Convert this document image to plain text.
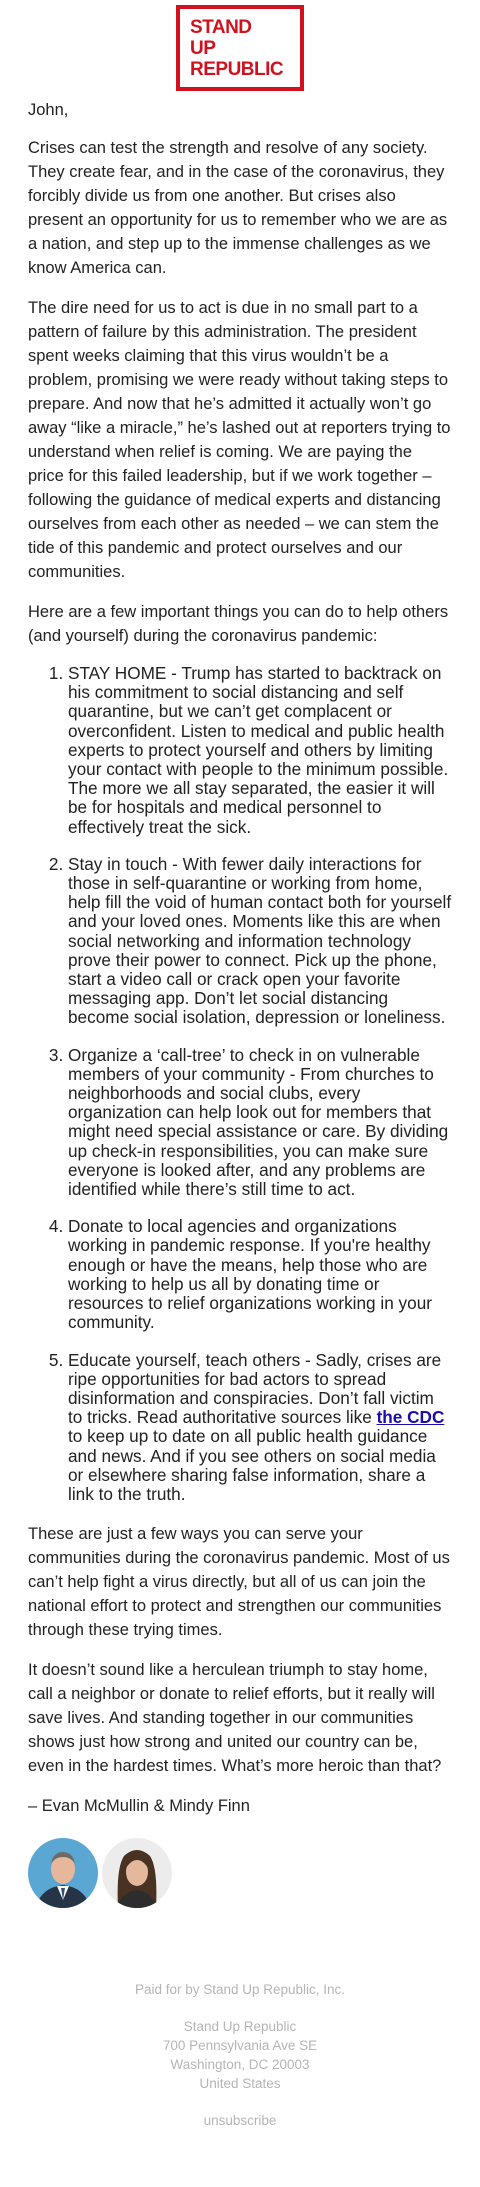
STAND
UP
REPUBLIC

John,

Crises can test the strength and resolve of any society. They create fear, and in the case of the coronavirus, they forcibly divide us from one another. But crises also present an opportunity for us to remember who we are as a nation, and step up to the immense challenges as we know America can.

The dire need for us to act is due in no small part to a pattern of failure by this administration. The president spent weeks claiming that this virus wouldn’t be a problem, promising we were ready without taking steps to prepare. And now that he’s admitted it actually won’t go away “like a miracle,” he’s lashed out at reporters trying to understand when relief is coming. We are paying the price for this failed leadership, but if we work together – following the guidance of medical experts and distancing ourselves from each other as needed – we can stem the tide of this pandemic and protect ourselves and our communities.

Here are a few important things you can do to help others (and yourself) during the coronavirus pandemic:

1. STAY HOME - Trump has started to backtrack on his commitment to social distancing and self quarantine, but we can’t get complacent or overconfident. Listen to medical and public health experts to protect yourself and others by limiting your contact with people to the minimum possible. The more we all stay separated, the easier it will be for hospitals and medical personnel to effectively treat the sick.
2. Stay in touch - With fewer daily interactions for those in self-quarantine or working from home, help fill the void of human contact both for yourself and your loved ones. Moments like this are when social networking and information technology prove their power to connect. Pick up the phone, start a video call or crack open your favorite messaging app. Don’t let social distancing become social isolation, depression or loneliness.
3. Organize a ‘call-tree’ to check in on vulnerable members of your community - From churches to neighborhoods and social clubs, every organization can help look out for members that might need special assistance or care. By dividing up check-in responsibilities, you can make sure everyone is looked after, and any problems are identified while there’s still time to act.
4. Donate to local agencies and organizations working in pandemic response. If you're healthy enough or have the means, help those who are working to help us all by donating time or resources to relief organizations working in your community.
5. Educate yourself, teach others - Sadly, crises are ripe opportunities for bad actors to spread disinformation and conspiracies. Don’t fall victim to tricks. Read authoritative sources like the CDC to keep up to date on all public health guidance and news. And if you see others on social media or elsewhere sharing false information, share a link to the truth.

These are just a few ways you can serve your communities during the coronavirus pandemic. Most of us can’t help fight a virus directly, but all of us can join the national effort to protect and strengthen our communities through these trying times.

It doesn’t sound like a herculean triumph to stay home, call a neighbor or donate to relief efforts, but it really will save lives. And standing together in our communities shows just how strong and united our country can be, even in the hardest times. What’s more heroic than that?

– Evan McMullin & Mindy Finn

Paid for by Stand Up Republic, Inc.
Stand Up Republic
700 Pennsylvania Ave SE
Washington, DC 20003
United States
unsubscribe
